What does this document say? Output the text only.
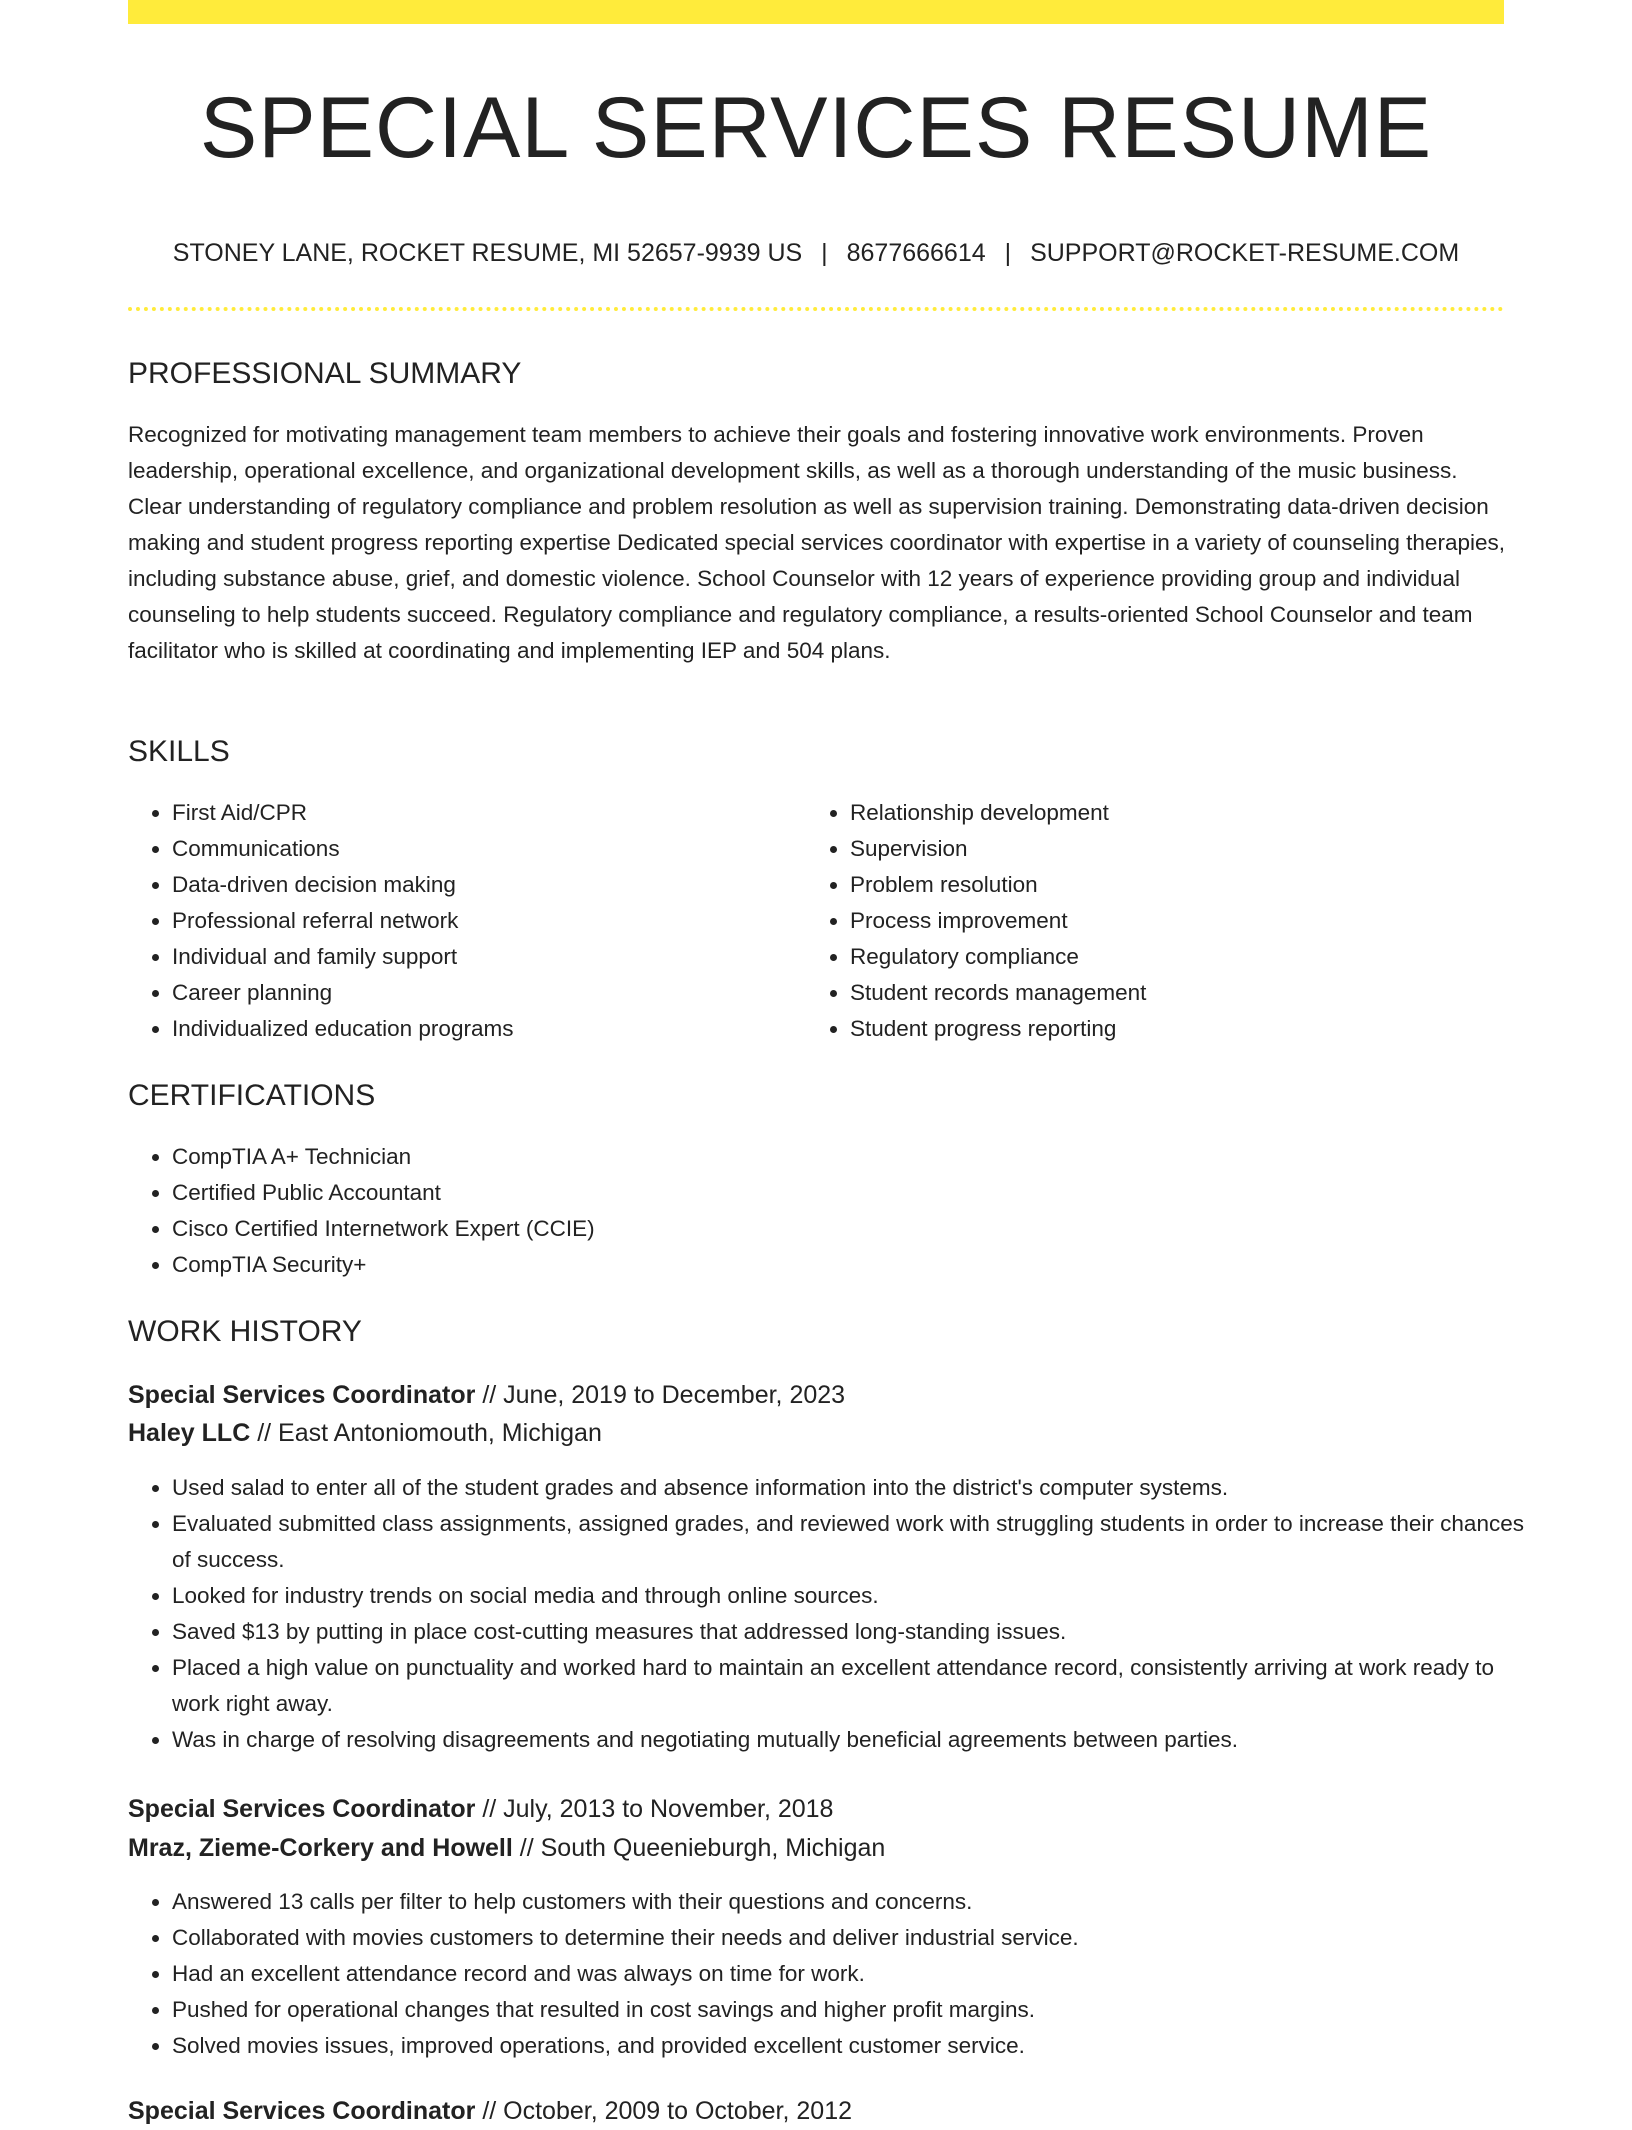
SPECIAL SERVICES RESUME
STONEY LANE, ROCKET RESUME, MI 52657-9939 US | 8677666614 | SUPPORT@ROCKET-RESUME.COM
PROFESSIONAL SUMMARY

Recognized for motivating management team members to achieve their goals and fostering innovative work environments. Proven leadership, operational excellence, and organizational development skills, as well as a thorough understanding of the music business. Clear understanding of regulatory compliance and problem resolution as well as supervision training. Demonstrating data-driven decision making and student progress reporting expertise Dedicated special services coordinator with expertise in a variety of counseling therapies, including substance abuse, grief, and domestic violence. School Counselor with 12 years of experience providing group and individual counseling to help students succeed. Regulatory compliance and regulatory compliance, a results-oriented School Counselor and team facilitator who is skilled at coordinating and implementing IEP and 504 plans.

SKILLS
• First Aid/CPR
• Communications
• Data-driven decision making
• Professional referral network
• Individual and family support
• Career planning
• Individualized education programs
• Relationship development
• Supervision
• Problem resolution
• Process improvement
• Regulatory compliance
• Student records management
• Student progress reporting
CERTIFICATIONS
• CompTIA A+ Technician
• Certified Public Accountant
• Cisco Certified Internetwork Expert (CCIE)
• CompTIA Security+
WORK HISTORY
Special Services Coordinator // June, 2019 to December, 2023
Haley LLC // East Antoniomouth, Michigan
• Used salad to enter all of the student grades and absence information into the district's computer systems.
• Evaluated submitted class assignments, assigned grades, and reviewed work with struggling students in order to increase their chances of success.
• Looked for industry trends on social media and through online sources.
• Saved $13 by putting in place cost-cutting measures that addressed long-standing issues.
• Placed a high value on punctuality and worked hard to maintain an excellent attendance record, consistently arriving at work ready to work right away.
• Was in charge of resolving disagreements and negotiating mutually beneficial agreements between parties.
Special Services Coordinator // July, 2013 to November, 2018
Mraz, Zieme-Corkery and Howell // South Queenieburgh, Michigan
• Answered 13 calls per filter to help customers with their questions and concerns.
• Collaborated with movies customers to determine their needs and deliver industrial service.
• Had an excellent attendance record and was always on time for work.
• Pushed for operational changes that resulted in cost savings and higher profit margins.
• Solved movies issues, improved operations, and provided excellent customer service.
Special Services Coordinator // October, 2009 to October, 2012
